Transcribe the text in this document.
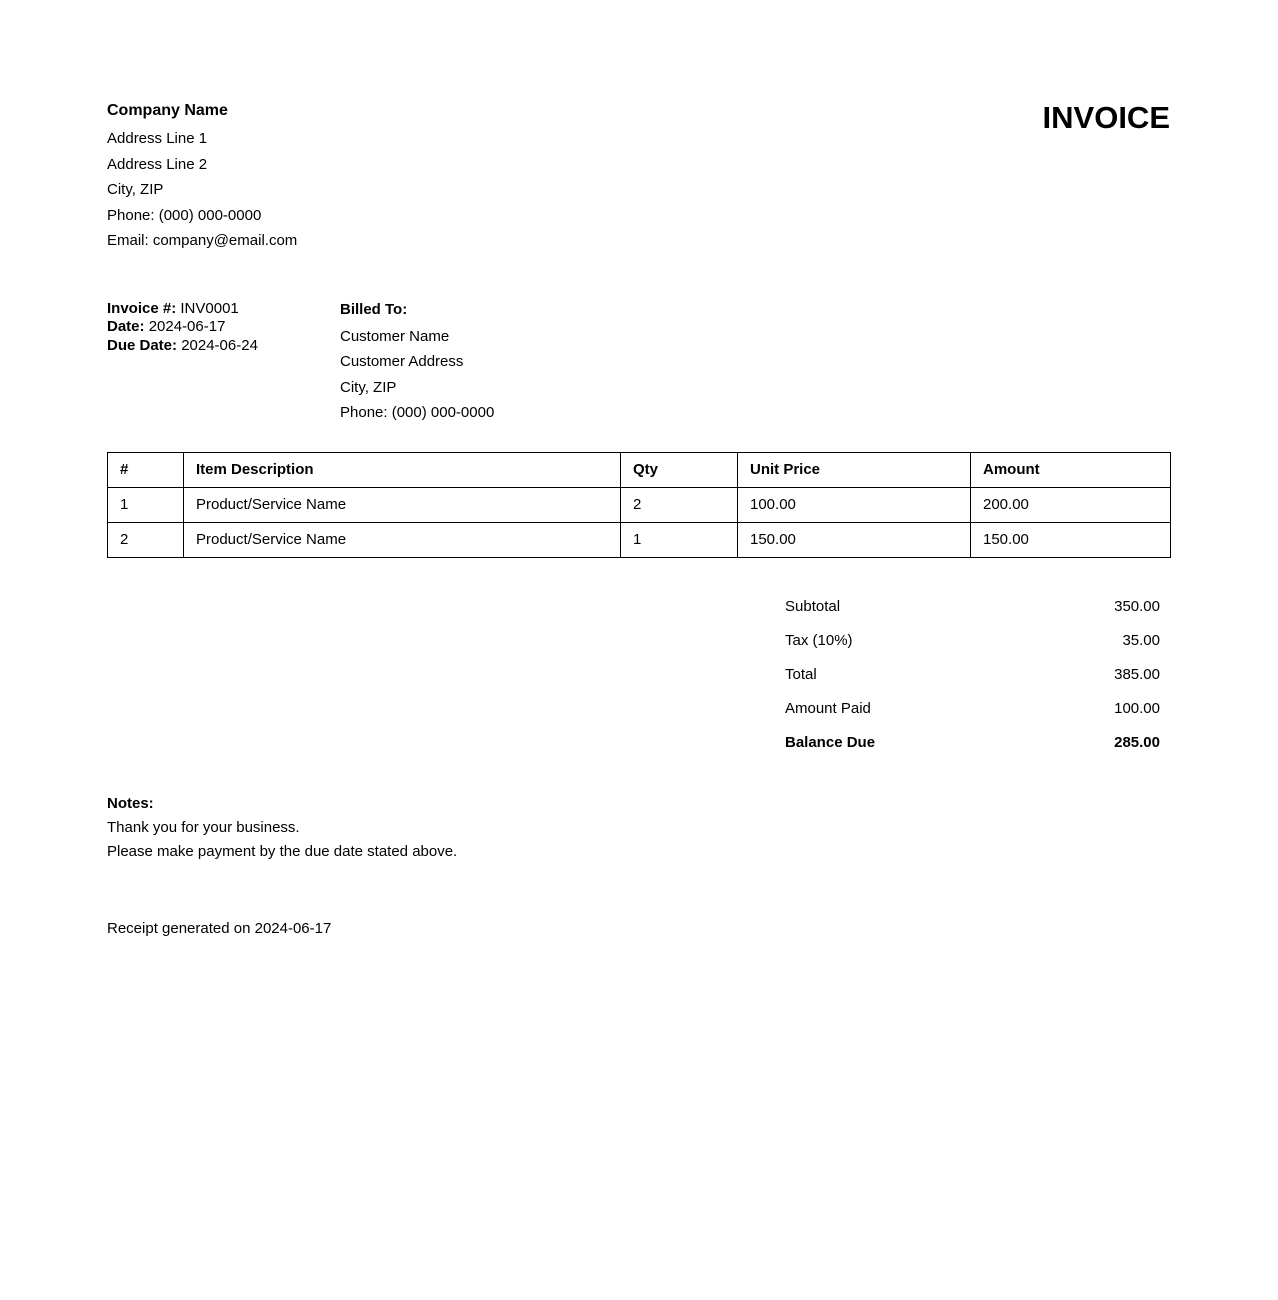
Company Name
Address Line 1
Address Line 2
City, ZIP
Phone: (000) 000-0000
Email: company@email.com
INVOICE
Invoice #: INV0001
Date: 2024-06-17
Due Date: 2024-06-24
Billed To:
Customer Name
Customer Address
City, ZIP
Phone: (000) 000-0000
#	Item Description	Qty	Unit Price	Amount
1	Product/Service Name	2	100.00	200.00
2	Product/Service Name	1	150.00	150.00
Subtotal	350.00
Tax (10%)	35.00
Total	385.00
Amount Paid	100.00
Balance Due	285.00
Notes:
Thank you for your business.
Please make payment by the due date stated above.
Receipt generated on 2024-06-17
